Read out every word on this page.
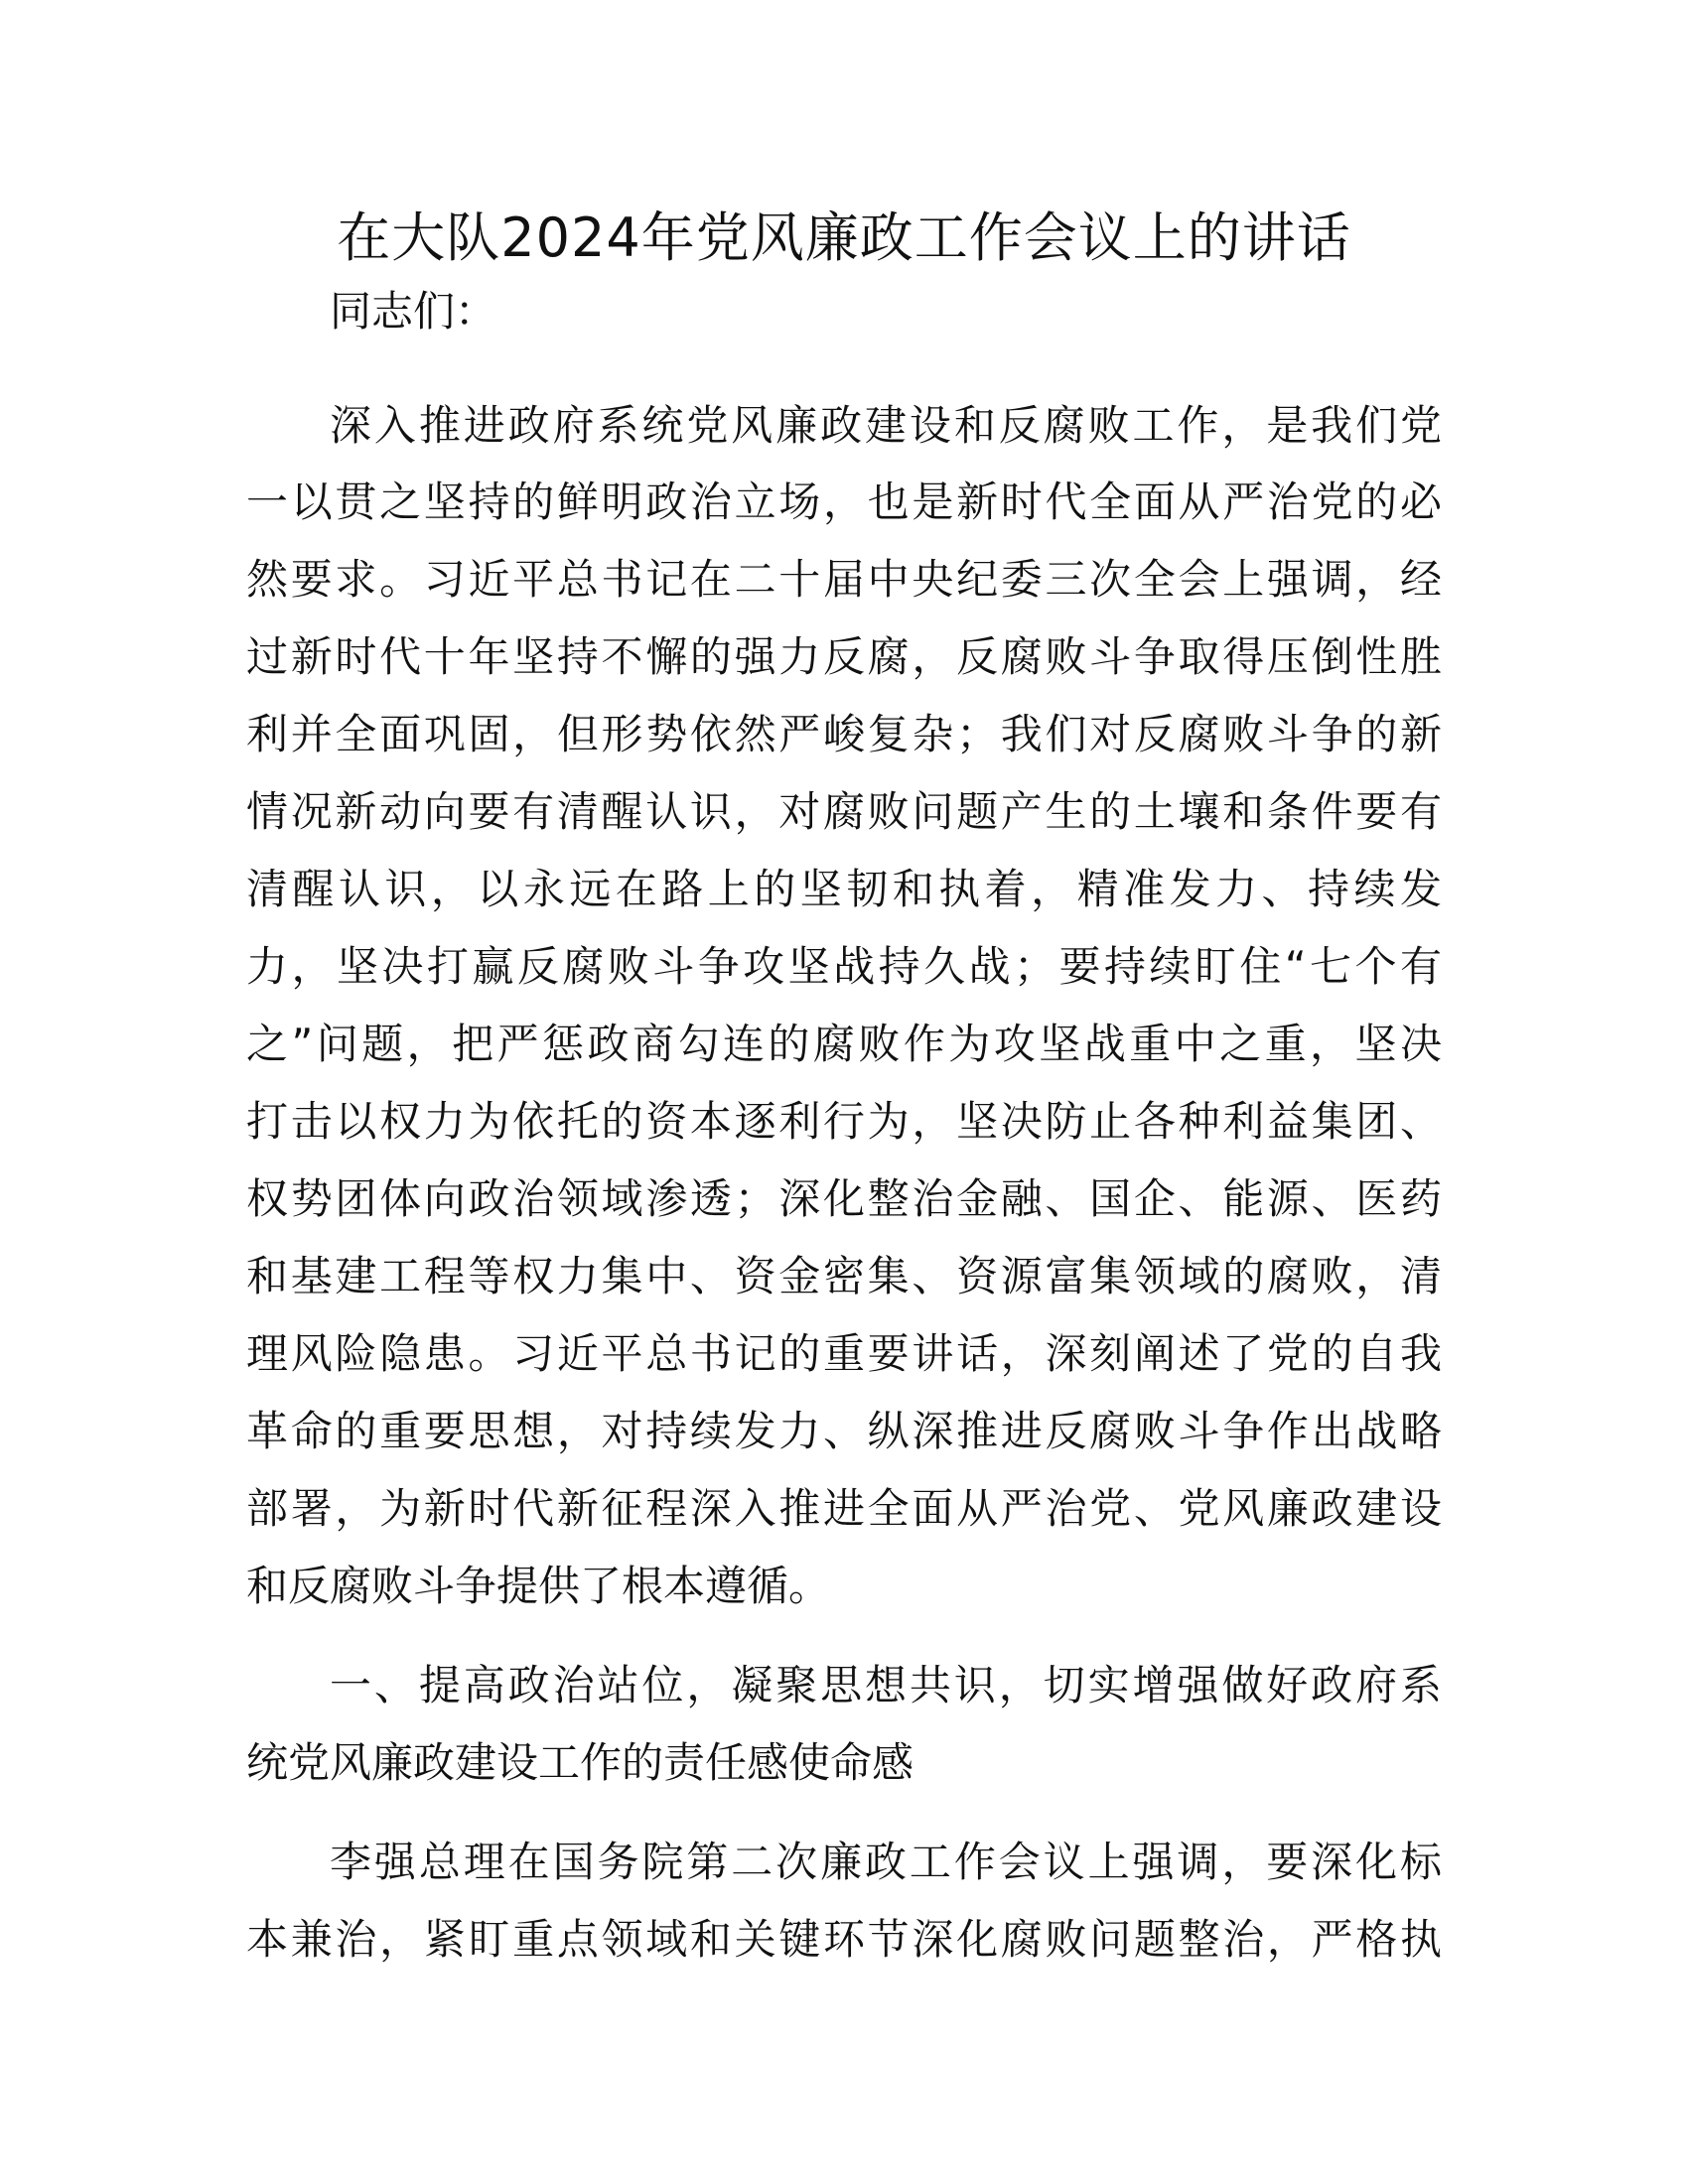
在大队2024年党风廉政工作会议上的讲话
同志们：
深入推进政府系统党风廉政建设和反腐败工作，是我们党
一以贯之坚持的鲜明政治立场，也是新时代全面从严治党的必
然要求。习近平总书记在二十届中央纪委三次全会上强调，经
过新时代十年坚持不懈的强力反腐，反腐败斗争取得压倒性胜
利并全面巩固，但形势依然严峻复杂；我们对反腐败斗争的新
情况新动向要有清醒认识，对腐败问题产生的土壤和条件要有
清醒认识，以永远在路上的坚韧和执着，精准发力、持续发
力，坚决打赢反腐败斗争攻坚战持久战；要持续盯住“七个有
之”问题，把严惩政商勾连的腐败作为攻坚战重中之重，坚决
打击以权力为依托的资本逐利行为，坚决防止各种利益集团、
权势团体向政治领域渗透；深化整治金融、国企、能源、医药
和基建工程等权力集中、资金密集、资源富集领域的腐败，清
理风险隐患。习近平总书记的重要讲话，深刻阐述了党的自我
革命的重要思想，对持续发力、纵深推进反腐败斗争作出战略
部署，为新时代新征程深入推进全面从严治党、党风廉政建设
和反腐败斗争提供了根本遵循。
一、提高政治站位，凝聚思想共识，切实增强做好政府系
统党风廉政建设工作的责任感使命感
李强总理在国务院第二次廉政工作会议上强调，要深化标
本兼治，紧盯重点领域和关键环节深化腐败问题整治，严格执
